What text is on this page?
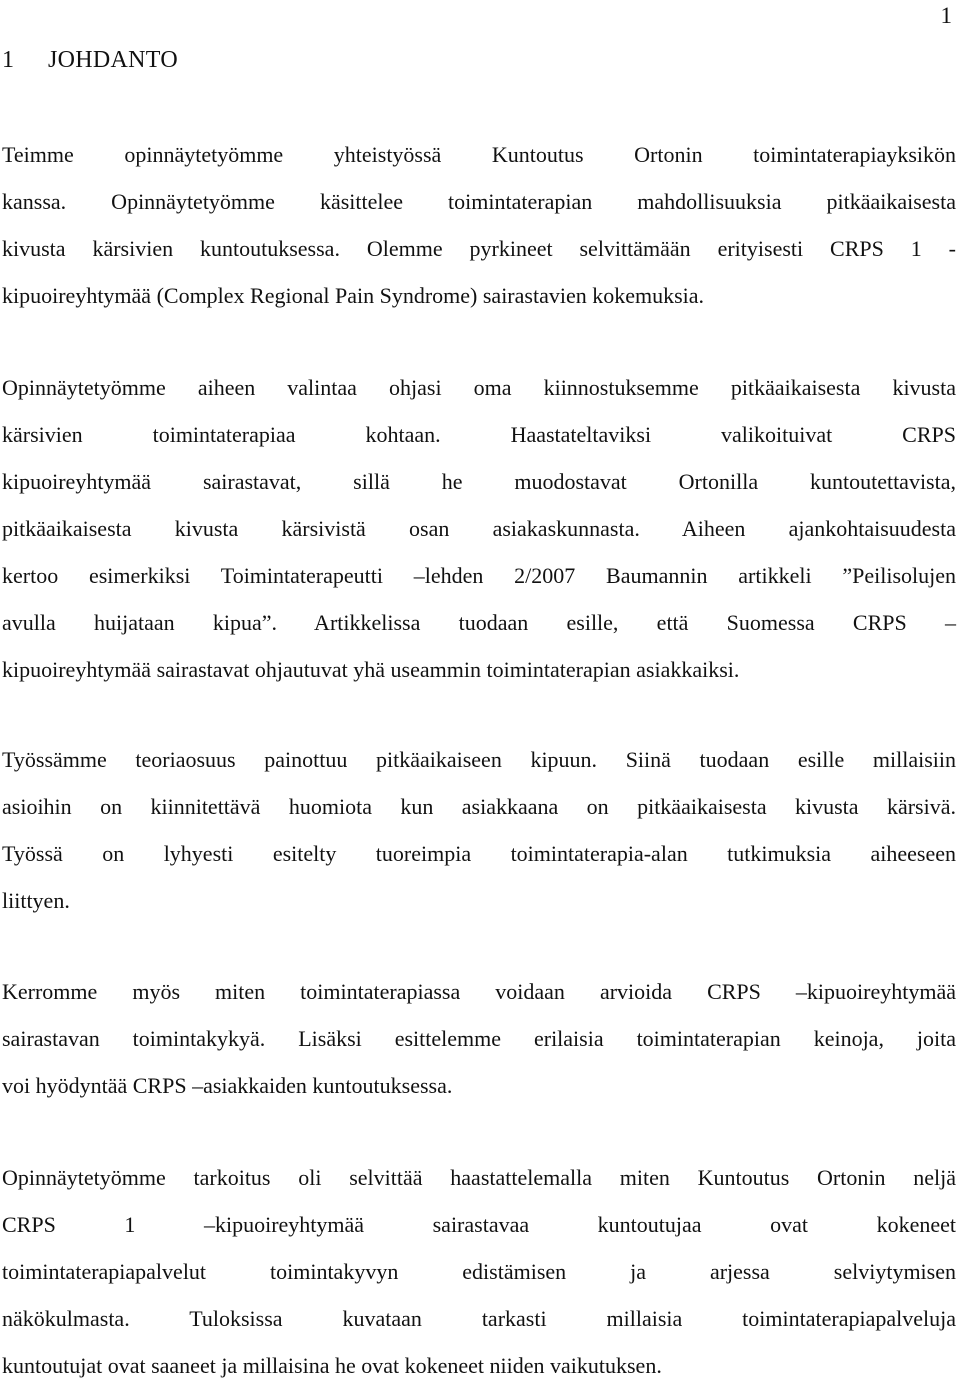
1
1 JOHDANTO

Teimme opinnäytetyömme yhteistyössä Kuntoutus Ortonin toimintaterapiayksikön
kanssa. Opinnäytetyömme käsittelee toimintaterapian mahdollisuuksia pitkäaikaisesta
kivusta kärsivien kuntoutuksessa. Olemme pyrkineet selvittämään erityisesti CRPS 1 -
kipuoireyhtymää (Complex Regional Pain Syndrome) sairastavien kokemuksia.

Opinnäytetyömme aiheen valintaa ohjasi oma kiinnostuksemme pitkäaikaisesta kivusta
kärsivien toimintaterapiaa kohtaan. Haastateltaviksi valikoituivat CRPS
kipuoireyhtymää sairastavat, sillä he muodostavat Ortonilla kuntoutettavista,
pitkäaikaisesta kivusta kärsivistä osan asiakaskunnasta. Aiheen ajankohtaisuudesta
kertoo esimerkiksi Toimintaterapeutti –lehden 2/2007 Baumannin artikkeli ”Peilisolujen
avulla huijataan kipua”. Artikkelissa tuodaan esille, että Suomessa CRPS –
kipuoireyhtymää sairastavat ohjautuvat yhä useammin toimintaterapian asiakkaiksi.

Työssämme teoriaosuus painottuu pitkäaikaiseen kipuun. Siinä tuodaan esille millaisiin
asioihin on kiinnitettävä huomiota kun asiakkaana on pitkäaikaisesta kivusta kärsivä.
Työssä on lyhyesti esitelty tuoreimpia toimintaterapia-alan tutkimuksia aiheeseen
liittyen.

Kerromme myös miten toimintaterapiassa voidaan arvioida CRPS –kipuoireyhtymää
sairastavan toimintakykyä. Lisäksi esittelemme erilaisia toimintaterapian keinoja, joita
voi hyödyntää CRPS –asiakkaiden kuntoutuksessa.

Opinnäytetyömme tarkoitus oli selvittää haastattelemalla miten Kuntoutus Ortonin neljä
CRPS 1 –kipuoireyhtymää sairastavaa kuntoutujaa ovat kokeneet
toimintaterapiapalvelut toimintakyvyn edistämisen ja arjessa selviytymisen
näkökulmasta. Tuloksissa kuvataan tarkasti millaisia toimintaterapiapalveluja
kuntoutujat ovat saaneet ja millaisina he ovat kokeneet niiden vaikutuksen.
